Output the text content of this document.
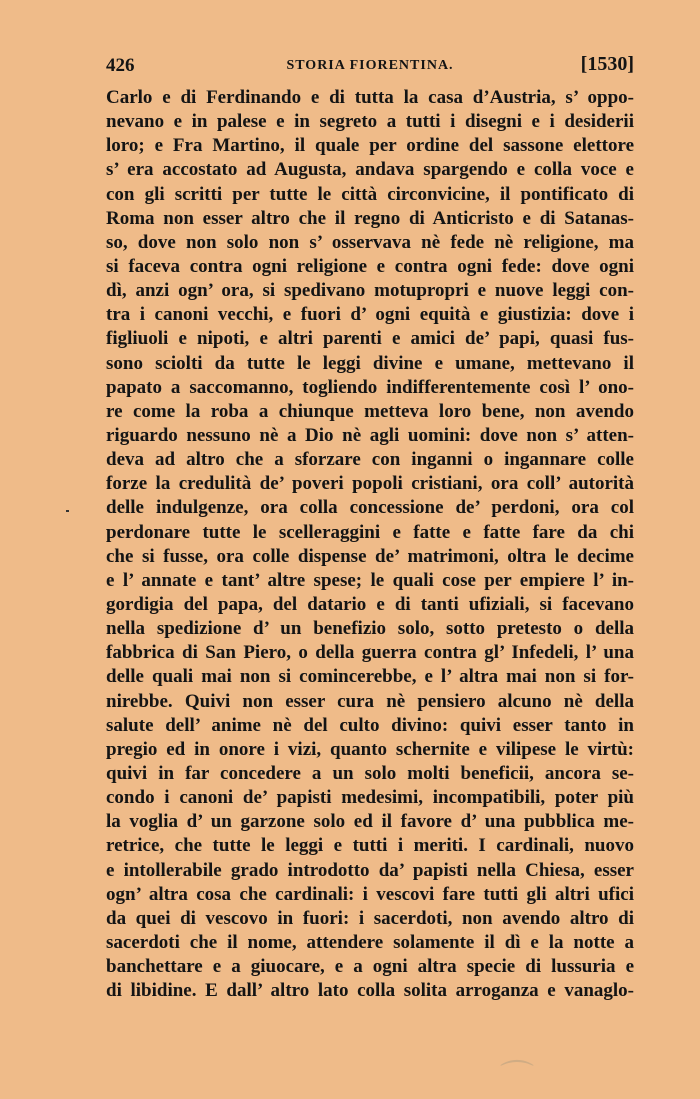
426	STORIA FIORENTINA.	[1530]
Carlo e di Ferdinando e di tutta la casa d’Austria, s’ oppo-
nevano e in palese e in segreto a tutti i disegni e i desiderii
loro; e Fra Martino, il quale per ordine del sassone elettore
s’ era accostato ad Augusta, andava spargendo e colla voce e
con gli scritti per tutte le città circonvicine, il pontificato di
Roma non esser altro che il regno di Anticristo e di Satanas-
so, dove non solo non s’ osservava nè fede nè religione, ma
si faceva contra ogni religione e contra ogni fede: dove ogni
dì, anzi ogn’ ora, si spedivano motupropri e nuove leggi con-
tra i canoni vecchi, e fuori d’ ogni equità e giustizia: dove i
figliuoli e nipoti, e altri parenti e amici de’ papi, quasi fus-
sono sciolti da tutte le leggi divine e umane, mettevano il
papato a saccomanno, togliendo indifferentemente così l’ ono-
re come la roba a chiunque metteva loro bene, non avendo
riguardo nessuno nè a Dio nè agli uomini: dove non s’ atten-
deva ad altro che a sforzare con inganni o ingannare colle
forze la credulità de’ poveri popoli cristiani, ora coll’ autorità
delle indulgenze, ora colla concessione de’ perdoni, ora col
perdonare tutte le scelleraggini e fatte e fatte fare da chi
che si fusse, ora colle dispense de’ matrimoni, oltra le decime
e l’ annate e tant’ altre spese; le quali cose per empiere l’ in-
gordigia del papa, del datario e di tanti ufiziali, si facevano
nella spedizione d’ un benefizio solo, sotto pretesto o della
fabbrica di San Piero, o della guerra contra gl’ Infedeli, l’ una
delle quali mai non si comincerebbe, e l’ altra mai non si for-
nirebbe. Quivi non esser cura nè pensiero alcuno nè della
salute dell’ anime nè del culto divino: quivi esser tanto in
pregio ed in onore i vizi, quanto schernite e vilipese le virtù:
quivi in far concedere a un solo molti beneficii, ancora se-
condo i canoni de’ papisti medesimi, incompatibili, poter più
la voglia d’ un garzone solo ed il favore d’ una pubblica me-
retrice, che tutte le leggi e tutti i meriti. I cardinali, nuovo
e intollerabile grado introdotto da’ papisti nella Chiesa, esser
ogn’ altra cosa che cardinali: i vescovi fare tutti gli altri ufici
da quei di vescovo in fuori: i sacerdoti, non avendo altro di
sacerdoti che il nome, attendere solamente il dì e la notte a
banchettare e a giuocare, e a ogni altra specie di lussuria e
di libidine. E dall’ altro lato colla solita arroganza e vanaglo-
⌒
